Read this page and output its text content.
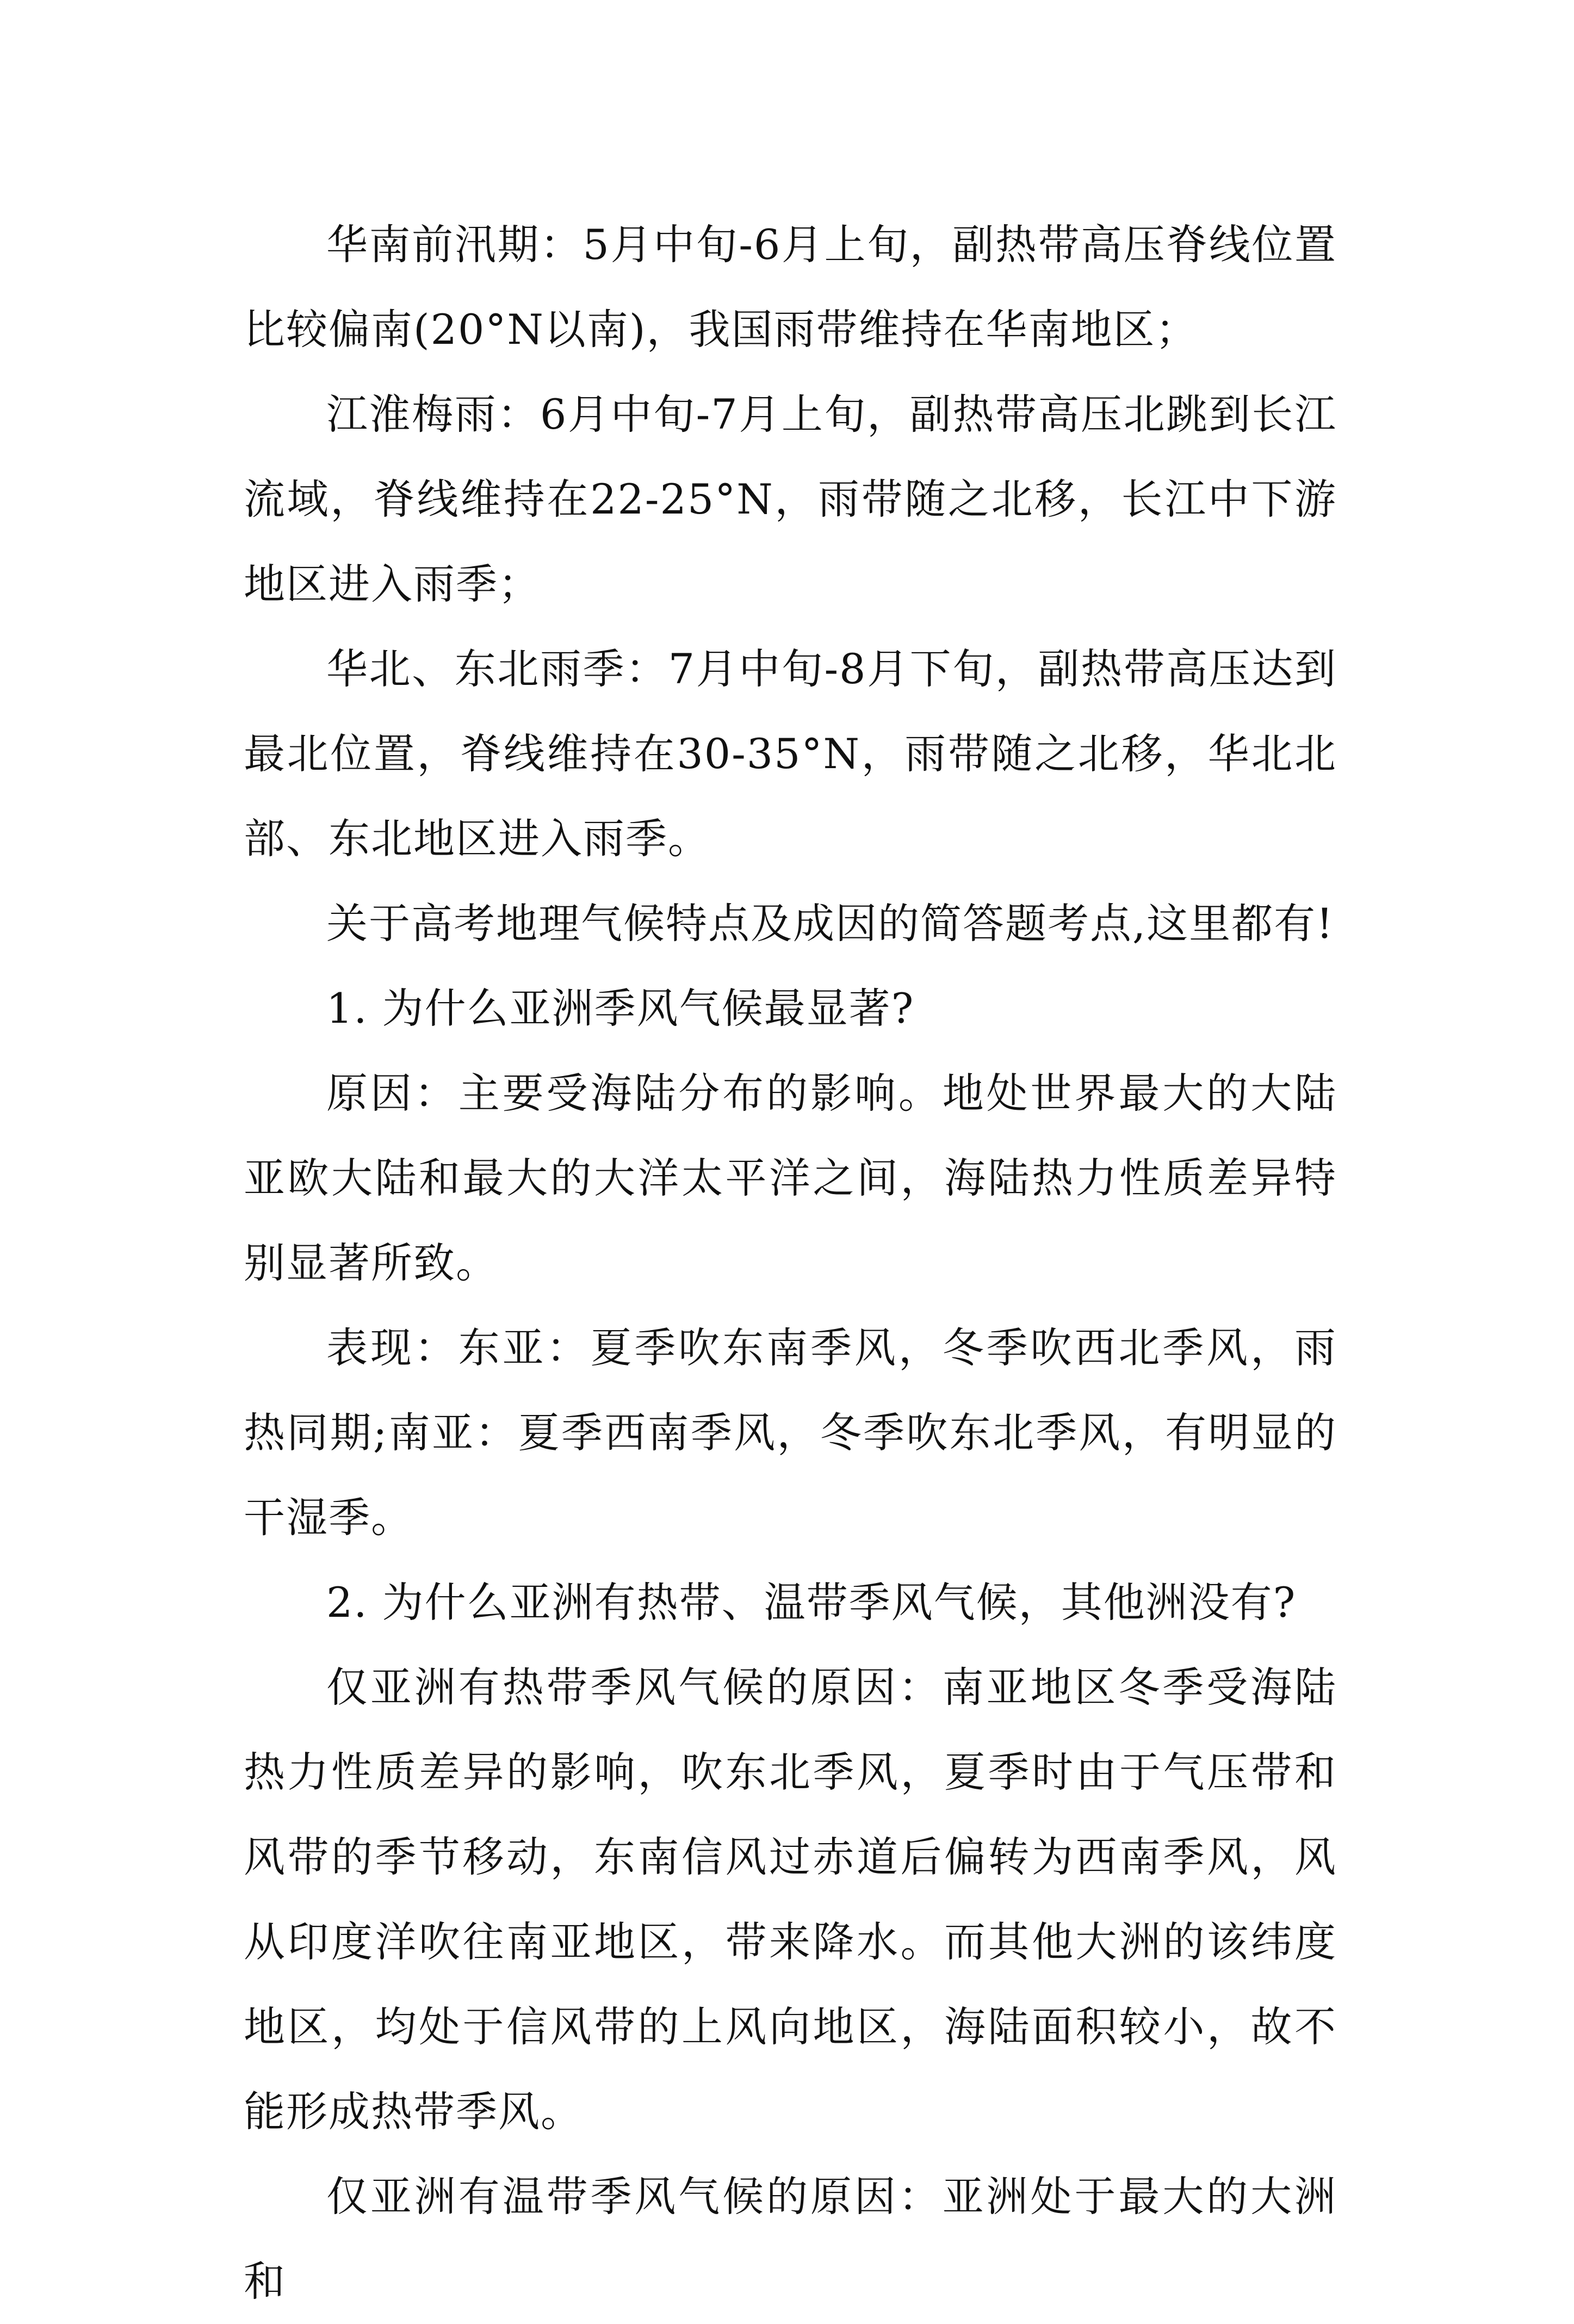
华南前汛期：5月中旬-6月上旬，副热带高压脊线位置比较偏南(20°N以南)，我国雨带维持在华南地区；

江淮梅雨：6月中旬-7月上旬，副热带高压北跳到长江流域，脊线维持在22-25°N，雨带随之北移，长江中下游地区进入雨季；

华北、东北雨季：7月中旬-8月下旬，副热带高压达到最北位置，脊线维持在30-35°N，雨带随之北移，华北北部、东北地区进入雨季。

关于高考地理气候特点及成因的简答题考点,这里都有!

1. 为什么亚洲季风气候最显著?

原因：主要受海陆分布的影响。地处世界最大的大陆亚欧大陆和最大的大洋太平洋之间，海陆热力性质差异特别显著所致。

表现：东亚：夏季吹东南季风，冬季吹西北季风，雨热同期;南亚：夏季西南季风，冬季吹东北季风，有明显的干湿季。

2. 为什么亚洲有热带、温带季风气候，其他洲没有?

仅亚洲有热带季风气候的原因：南亚地区冬季受海陆热力性质差异的影响，吹东北季风，夏季时由于气压带和风带的季节移动，东南信风过赤道后偏转为西南季风，风从印度洋吹往南亚地区，带来降水。而其他大洲的该纬度地区，均处于信风带的上风向地区，海陆面积较小，故不能形成热带季风。

仅亚洲有温带季风气候的原因：亚洲处于最大的大洲和
